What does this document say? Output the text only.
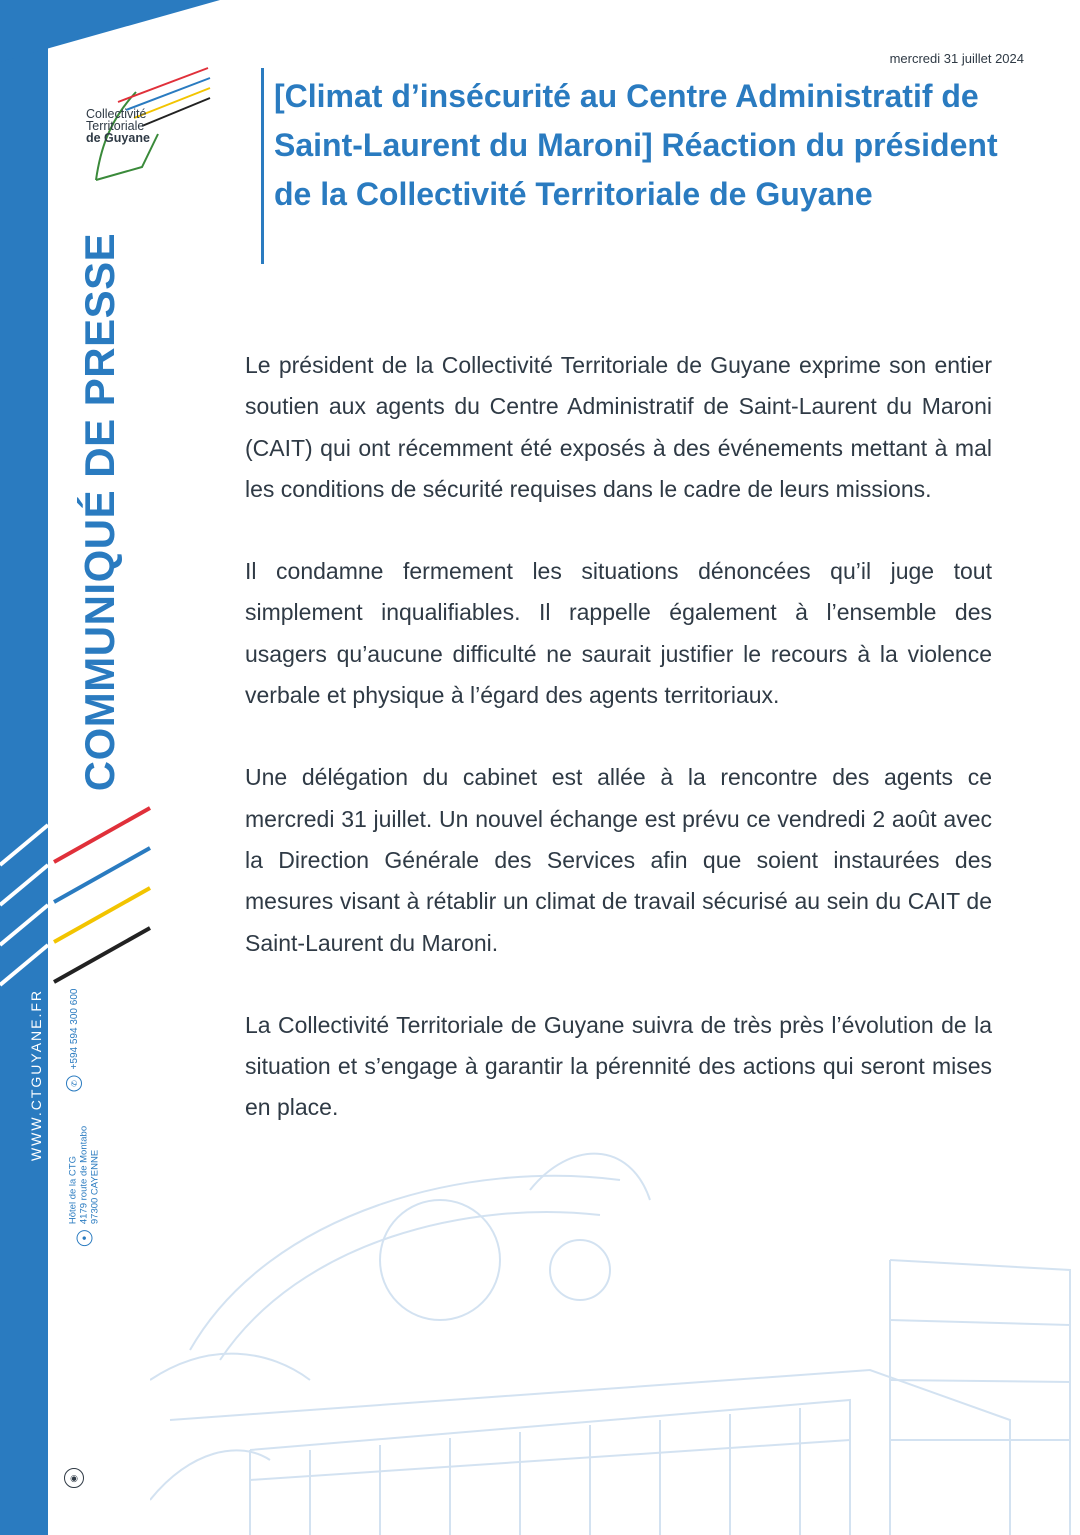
Collectivité
Territoriale
de Guyane
COMMUNIQUÉ DE PRESSE
WWW.CTGUYANE.FR	✆
+594 594 300 600
●
Hôtel de la CTG 4179 route de Montabo 97300 CAYENNE
◉
mercredi 31 juillet 2024
[Climat d’insécurité au Centre Administratif de Saint-Laurent du Maroni] Réaction du président de la Collectivité Territoriale de Guyane

Le président de la Collectivité Territoriale de Guyane exprime son entier soutien aux agents du Centre Administratif de Saint-Laurent du Maroni (CAIT) qui ont récemment été exposés à des événements mettant à mal les conditions de sécurité requises dans le cadre de leurs missions.

Il condamne fermement les situations dénoncées qu’il juge tout simplement inqualifiables. Il rappelle également à l’ensemble des usagers qu’aucune difficulté ne saurait justifier le recours à la violence verbale et physique à l’égard des agents territoriaux.

Une délégation du cabinet est allée à la rencontre des agents ce mercredi 31 juillet. Un nouvel échange est prévu ce vendredi 2 août avec la Direction Générale des Services afin que soient instaurées des mesures visant à rétablir un climat de travail sécurisé au sein du CAIT de Saint-Laurent du Maroni.

La Collectivité Territoriale de Guyane suivra de très près l’évolution de la situation et s’engage à garantir la pérennité des actions qui seront mises en place.
